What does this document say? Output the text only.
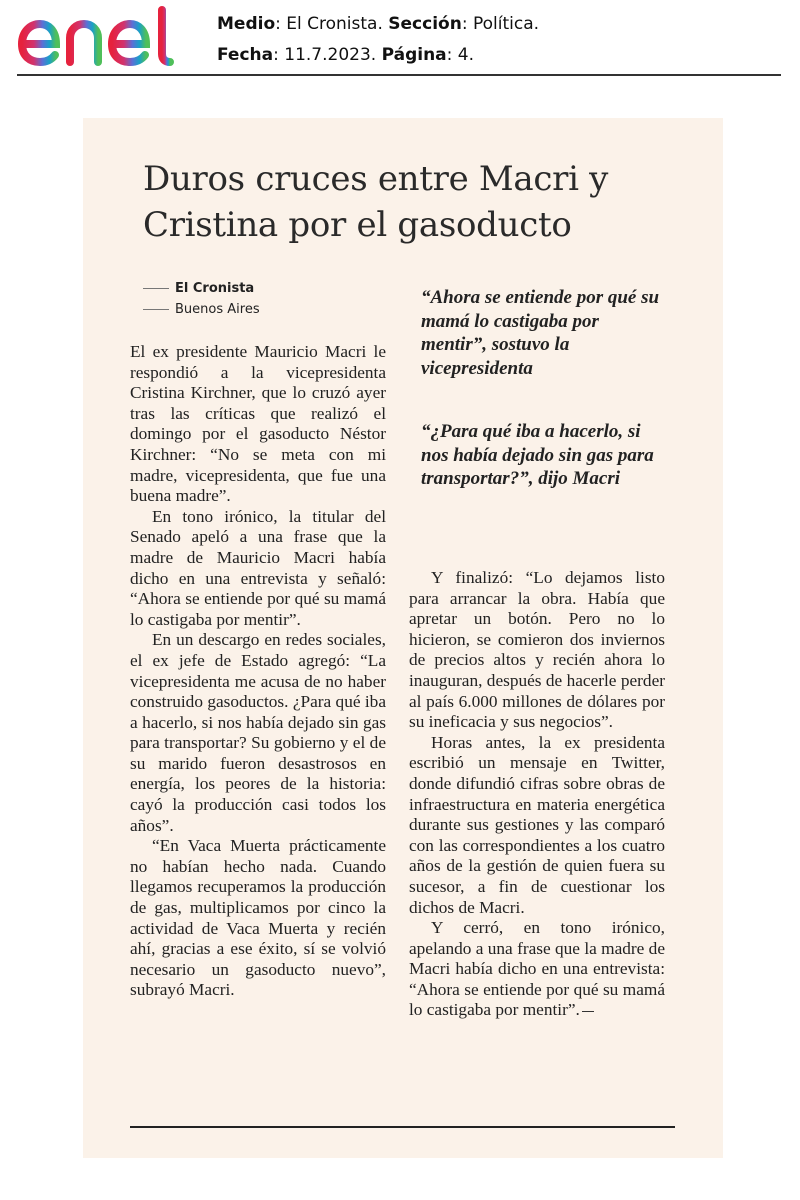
Medio: El Cronista. Sección: Política.
Fecha: 11.7.2023. Página: 4.
Duros cruces entre Macri y
Cristina por el gasoducto
El Cronista
Buenos Aires

El ex presidente Mauricio Macri le respondió a la vicepresidenta Cristina Kirchner, que lo cruzó ayer tras las críticas que realizó el domingo por el gasoducto Néstor Kirchner: “No se meta con mi madre, vicepresidenta, que fue una buena madre”.

En tono irónico, la titular del Senado apeló a una frase que la madre de Mauricio Macri había dicho en una entrevista y señaló: “Ahora se entiende por qué su mamá lo castigaba por mentir”.

En un descargo en redes sociales, el ex jefe de Estado agregó: “La vicepresidenta me acusa de no haber construido gasoductos. ¿Para qué iba a hacerlo, si nos había dejado sin gas para transportar? Su gobierno y el de su marido fueron desastrosos en energía, los peores de la historia: cayó la producción casi todos los años”.

“En Vaca Muerta prácticamente no habían hecho nada. Cuando llegamos recuperamos la producción de gas, multiplicamos por cinco la actividad de Vaca Muerta y recién ahí, gracias a ese éxito, sí se volvió necesario un gasoducto nuevo”, subrayó Macri.

“Ahora se entiende por qué su mamá lo castigaba por mentir”, sostuvo la vicepresidenta
“¿Para qué iba a hacerlo, si nos había dejado sin gas para transportar?”, dijo Macri

Y finalizó: “Lo dejamos listo para arrancar la obra. Había que apretar un botón. Pero no lo hicieron, se comieron dos inviernos de precios altos y recién ahora lo inauguran, después de hacerle perder al país 6.000 millones de dólares por su ineficacia y sus negocios”.

Horas antes, la ex presidenta escribió un mensaje en Twitter, donde difundió cifras sobre obras de infraestructura en materia energética durante sus gestiones y las comparó con las correspondientes a los cuatro años de la gestión de quien fuera su sucesor, a fin de cuestionar los dichos de Macri.

Y cerró, en tono irónico, apelando a una frase que la madre de Macri había dicho en una entrevista: “Ahora se entiende por qué su mamá lo castigaba por mentir”.
